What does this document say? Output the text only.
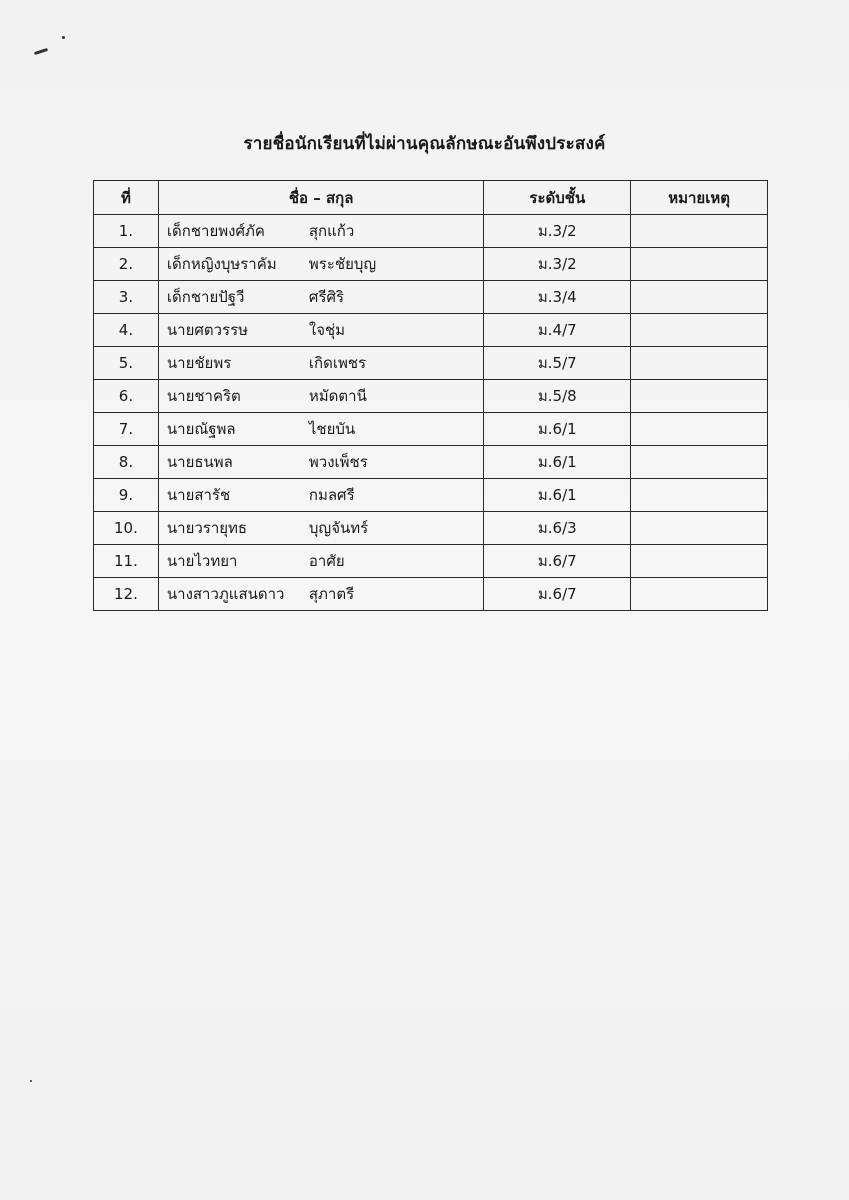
รายชื่อนักเรียนที่ไม่ผ่านคุณลักษณะอันพึงประสงค์
ที่	ชื่อ – สกุล	ระดับชั้น	หมายเหตุ
1.	เด็กชายพงศ์ภัค สุกแก้ว	ม.3/2	
2.	เด็กหญิงบุษราคัม พระชัยบุญ	ม.3/2	
3.	เด็กชายปัฐวี ศรีศิริ	ม.3/4	
4.	นายศตวรรษ ใจชุ่ม	ม.4/7	
5.	นายชัยพร เกิดเพชร	ม.5/7	
6.	นายชาคริต หมัดตานี	ม.5/8	
7.	นายณัฐพล ไชยบัน	ม.6/1	
8.	นายธนพล พวงเพ็ชร	ม.6/1	
9.	นายสารัช กมลศรี	ม.6/1	
10.	นายวรายุทธ บุญจันทร์	ม.6/3	
11.	นายไวทยา อาศัย	ม.6/7	
12.	นางสาวภูแสนดาว สุภาตรี	ม.6/7	
